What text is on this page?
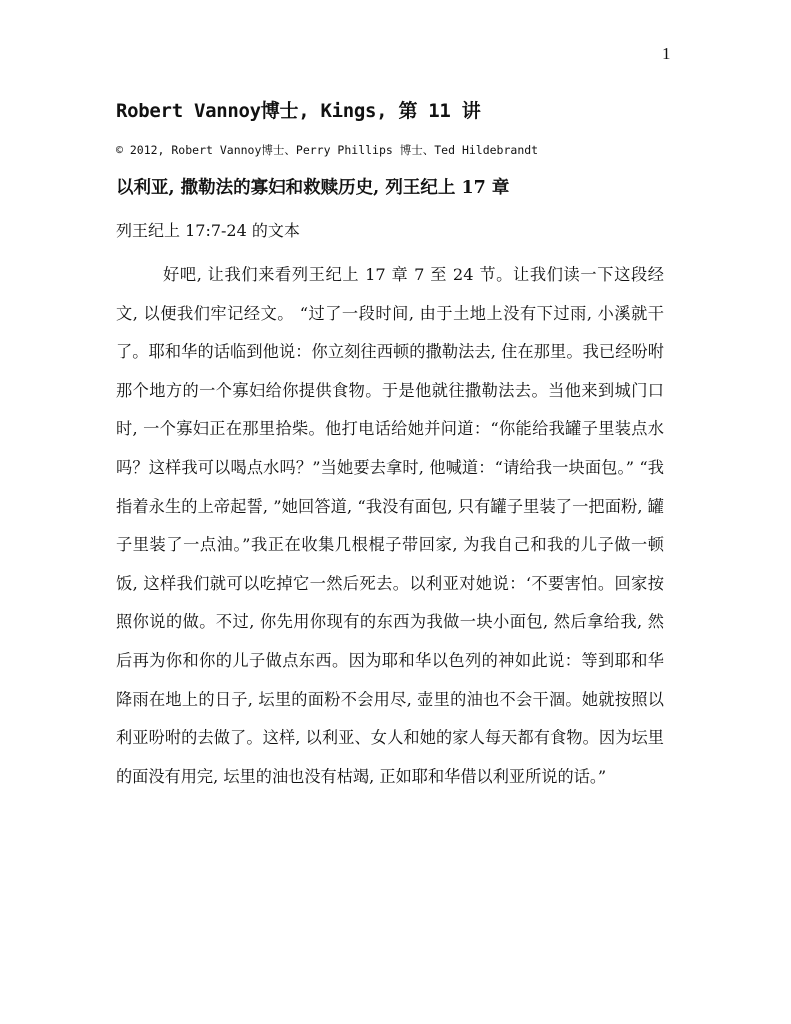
1
Robert Vannoy博士, Kings, 第 11 讲
© 2012, Robert Vannoy博士、Perry Phillips 博士、Ted Hildebrandt
以利亚, 撒勒法的寡妇和救赎历史, 列王纪上 17 章
列王纪上 17:7-24 的文本

好吧, 让我们来看列王纪上 17 章 7 至 24 节。让我们读一下这段经文, 以便我们牢记经文。 “过了一段时间, 由于土地上没有下过雨, 小溪就干了。耶和华的话临到他说：你立刻往西顿的撒勒法去, 住在那里。我已经吩咐那个地方的一个寡妇给你提供食物。于是他就往撒勒法去。当他来到城门口时, 一个寡妇正在那里拾柴。他打电话给她并问道：“你能给我罐子里装点水吗？这样我可以喝点水吗？”当她要去拿时, 他喊道：“请给我一块面包。” “我指着永生的上帝起誓, ”她回答道, “我没有面包, 只有罐子里装了一把面粉, 罐子里装了一点油。”我正在收集几根棍子带回家, 为我自己和我的儿子做一顿饭, 这样我们就可以吃掉它一然后死去。以利亚对她说：‘不要害怕。回家按照你说的做。不过, 你先用你现有的东西为我做一块小面包, 然后拿给我, 然后再为你和你的儿子做点东西。因为耶和华以色列的神如此说：等到耶和华降雨在地上的日子, 坛里的面粉不会用尽, 壶里的油也不会干涸。她就按照以利亚吩咐的去做了。这样, 以利亚、女人和她的家人每天都有食物。因为坛里的面没有用完, 坛里的油也没有枯竭, 正如耶和华借以利亚所说的话。”
